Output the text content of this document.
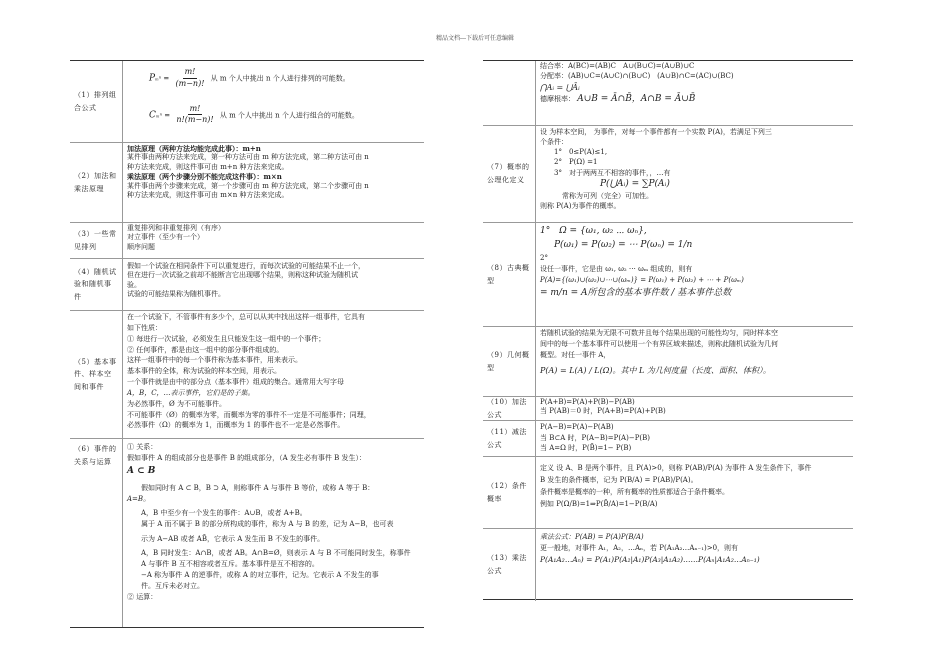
精品文档---下载后可任意编辑
（1）排列组合公式

$P_m^n = \frac{m!}{(m-n)!}$ 从 m 个人中挑出 n 个人进行排列的可能数。

$C_m^n = \frac{m!}{n!(m-n)!}$ 从 m 个人中挑出 n 个人进行组合的可能数。

（2）加法和乘法原理

加法原理（两种方法均能完成此事）：m+n

某件事由两种方法来完成，第一种方法可由 m 种方法完成，第二种方法可由 n

种方法来完成，则这件事可由 m+n 种方法来完成。

乘法原理（两个步骤分别不能完成这件事）：m×n

某件事由两个步骤来完成，第一个步骤可由 m 种方法完成，第二个步骤可由 n

种方法来完成，则这件事可由 m×n 种方法来完成。

（3）一些常见排列

重复排列和非重复排列（有序）

对立事件（至少有一个）

顺序问题

（4）随机试验和随机事件

假如一个试验在相同条件下可以重复进行，而每次试验的可能结果不止一个，

但在进行一次试验之前却不能断言它出现哪个结果，则称这种试验为随机试

验。

试验的可能结果称为随机事件。

（5）基本事件、样本空间和事件

在一个试验下，不管事件有多少个，总可以从其中找出这样一组事件，它具有

如下性质：

① 每进行一次试验，必须发生且只能发生这一组中的一个事件；

② 任何事件，都是由这一组中的部分事件组成的。

这样一组事件中的每一个事件称为基本事件，用来表示。

基本事件的全体，称为试验的样本空间，用表示。

一个事件就是由中的部分点（基本事件）组成的集合。通常用大写字母

A，B，C，…表示事件，它们是的子集。

为必然事件，Ø 为不可能事件。

不可能事件（Ø）的概率为零，而概率为零的事件不一定是不可能事件；同理，

必然事件（Ω）的概率为 1，而概率为 1 的事件也不一定是必然事件。

（6）事件的关系与运算

① 关系：

假如事件 A 的组成部分也是事件 B 的组成部分，（A 发生必有事件 B 发生）：

A ⊂ B

假如同时有 A ⊂ B，B ⊃ A，则称事件 A 与事件 B 等价，或称 A 等于 B：

A=B。

A，B 中至少有一个发生的事件：A∪B，或者 A+B。

属于 A 而不属于 B 的部分所构成的事件，称为 A 与 B 的差，记为 A−B，也可表

示为 A−AB 或者 AB̄，它表示 A 发生而 B 不发生的事件。

A，B 同时发生：A∩B，或者 AB。A∩B=Ø，则表示 A 与 B 不可能同时发生，称事件

A 与事件 B 互不相容或者互斥。基本事件是互不相容的。

−A 称为事件 A 的逆事件，或称 A 的对立事件，记为。它表示 A 不发生的事

件。互斥未必对立。

② 运算：

结合率：A(BC)=(AB)C　A∪(B∪C)=(A∪B)∪C

分配率：(AB)∪C=(A∪C)∩(B∪C)　(A∪B)∩C=(AC)∪(BC)

⋂Aᵢ = ⋃Āᵢ

德摩根率： A∪B = Ā∩B̄，A∩B = Ā∪B̄

（7）概率的公理化定义

设 为样本空间， 为事件，对每一个事件都有一个实数 P(A)，若满足下列三

个条件：

1°　0≤P(A)≤1,

2°　P(Ω) =1

3°　对于两两互不相容的事件，，…有

P(⋃Aᵢ) = ∑P(Aᵢ)

常称为可列（完全）可加性。

则称 P(A)为事件的概率。

（8）古典概型

1°　Ω = {ω₁, ω₂ ⋯ ωₙ},

P(ω₁) = P(ω₂) = ⋯ P(ωₙ) = 1/n

2°

设任一事件，它是由 ω₁, ω₂ ⋯ ωₘ 组成的，则有

P(A)={(ω₁)∪(ω₂)∪⋯∪(ωₘ)} = P(ω₁) + P(ω₂) + ⋯ + P(ωₘ)

= m/n = A所包含的基本事件数 / 基本事件总数

（9）几何概型

若随机试验的结果为无限不可数并且每个结果出现的可能性均匀，同时样本空

间中的每一个基本事件可以使用一个有界区域来描述，则称此随机试验为几何

概型。对任一事件 A，

P(A) = L(A) / L(Ω)。其中 L 为几何度量（长度、面积、体积）。

（10）加法公式

P(A+B)=P(A)+P(B)−P(AB)

当 P(AB)＝0 时，P(A+B)=P(A)+P(B)

（11）减法公式

P(A−B)=P(A)−P(AB)

当 B⊂A 时，P(A−B)=P(A)−P(B)

当 A=Ω 时，P(B̄)=1− P(B)

（12）条件概率

定义 设 A、B 是两个事件，且 P(A)>0，则称 P(AB)/P(A) 为事件 A 发生条件下，事件

B 发生的条件概率，记为 P(B/A) = P(AB)/P(A)。

条件概率是概率的一种，所有概率的性质都适合于条件概率。

例如 P(Ω/B)=1⇒P(B̄/A)=1−P(B/A)

（13）乘法公式

乘法公式：P(AB) = P(A)P(B/A)

更一般地，对事件 A₁，A₂，…Aₙ，若 P(A₁A₂…Aₙ₋₁)>0，则有

P(A₁A₂…Aₙ) = P(A₁)P(A₂|A₁)P(A₃|A₁A₂)……P(Aₙ|A₁A₂…Aₙ₋₁)
